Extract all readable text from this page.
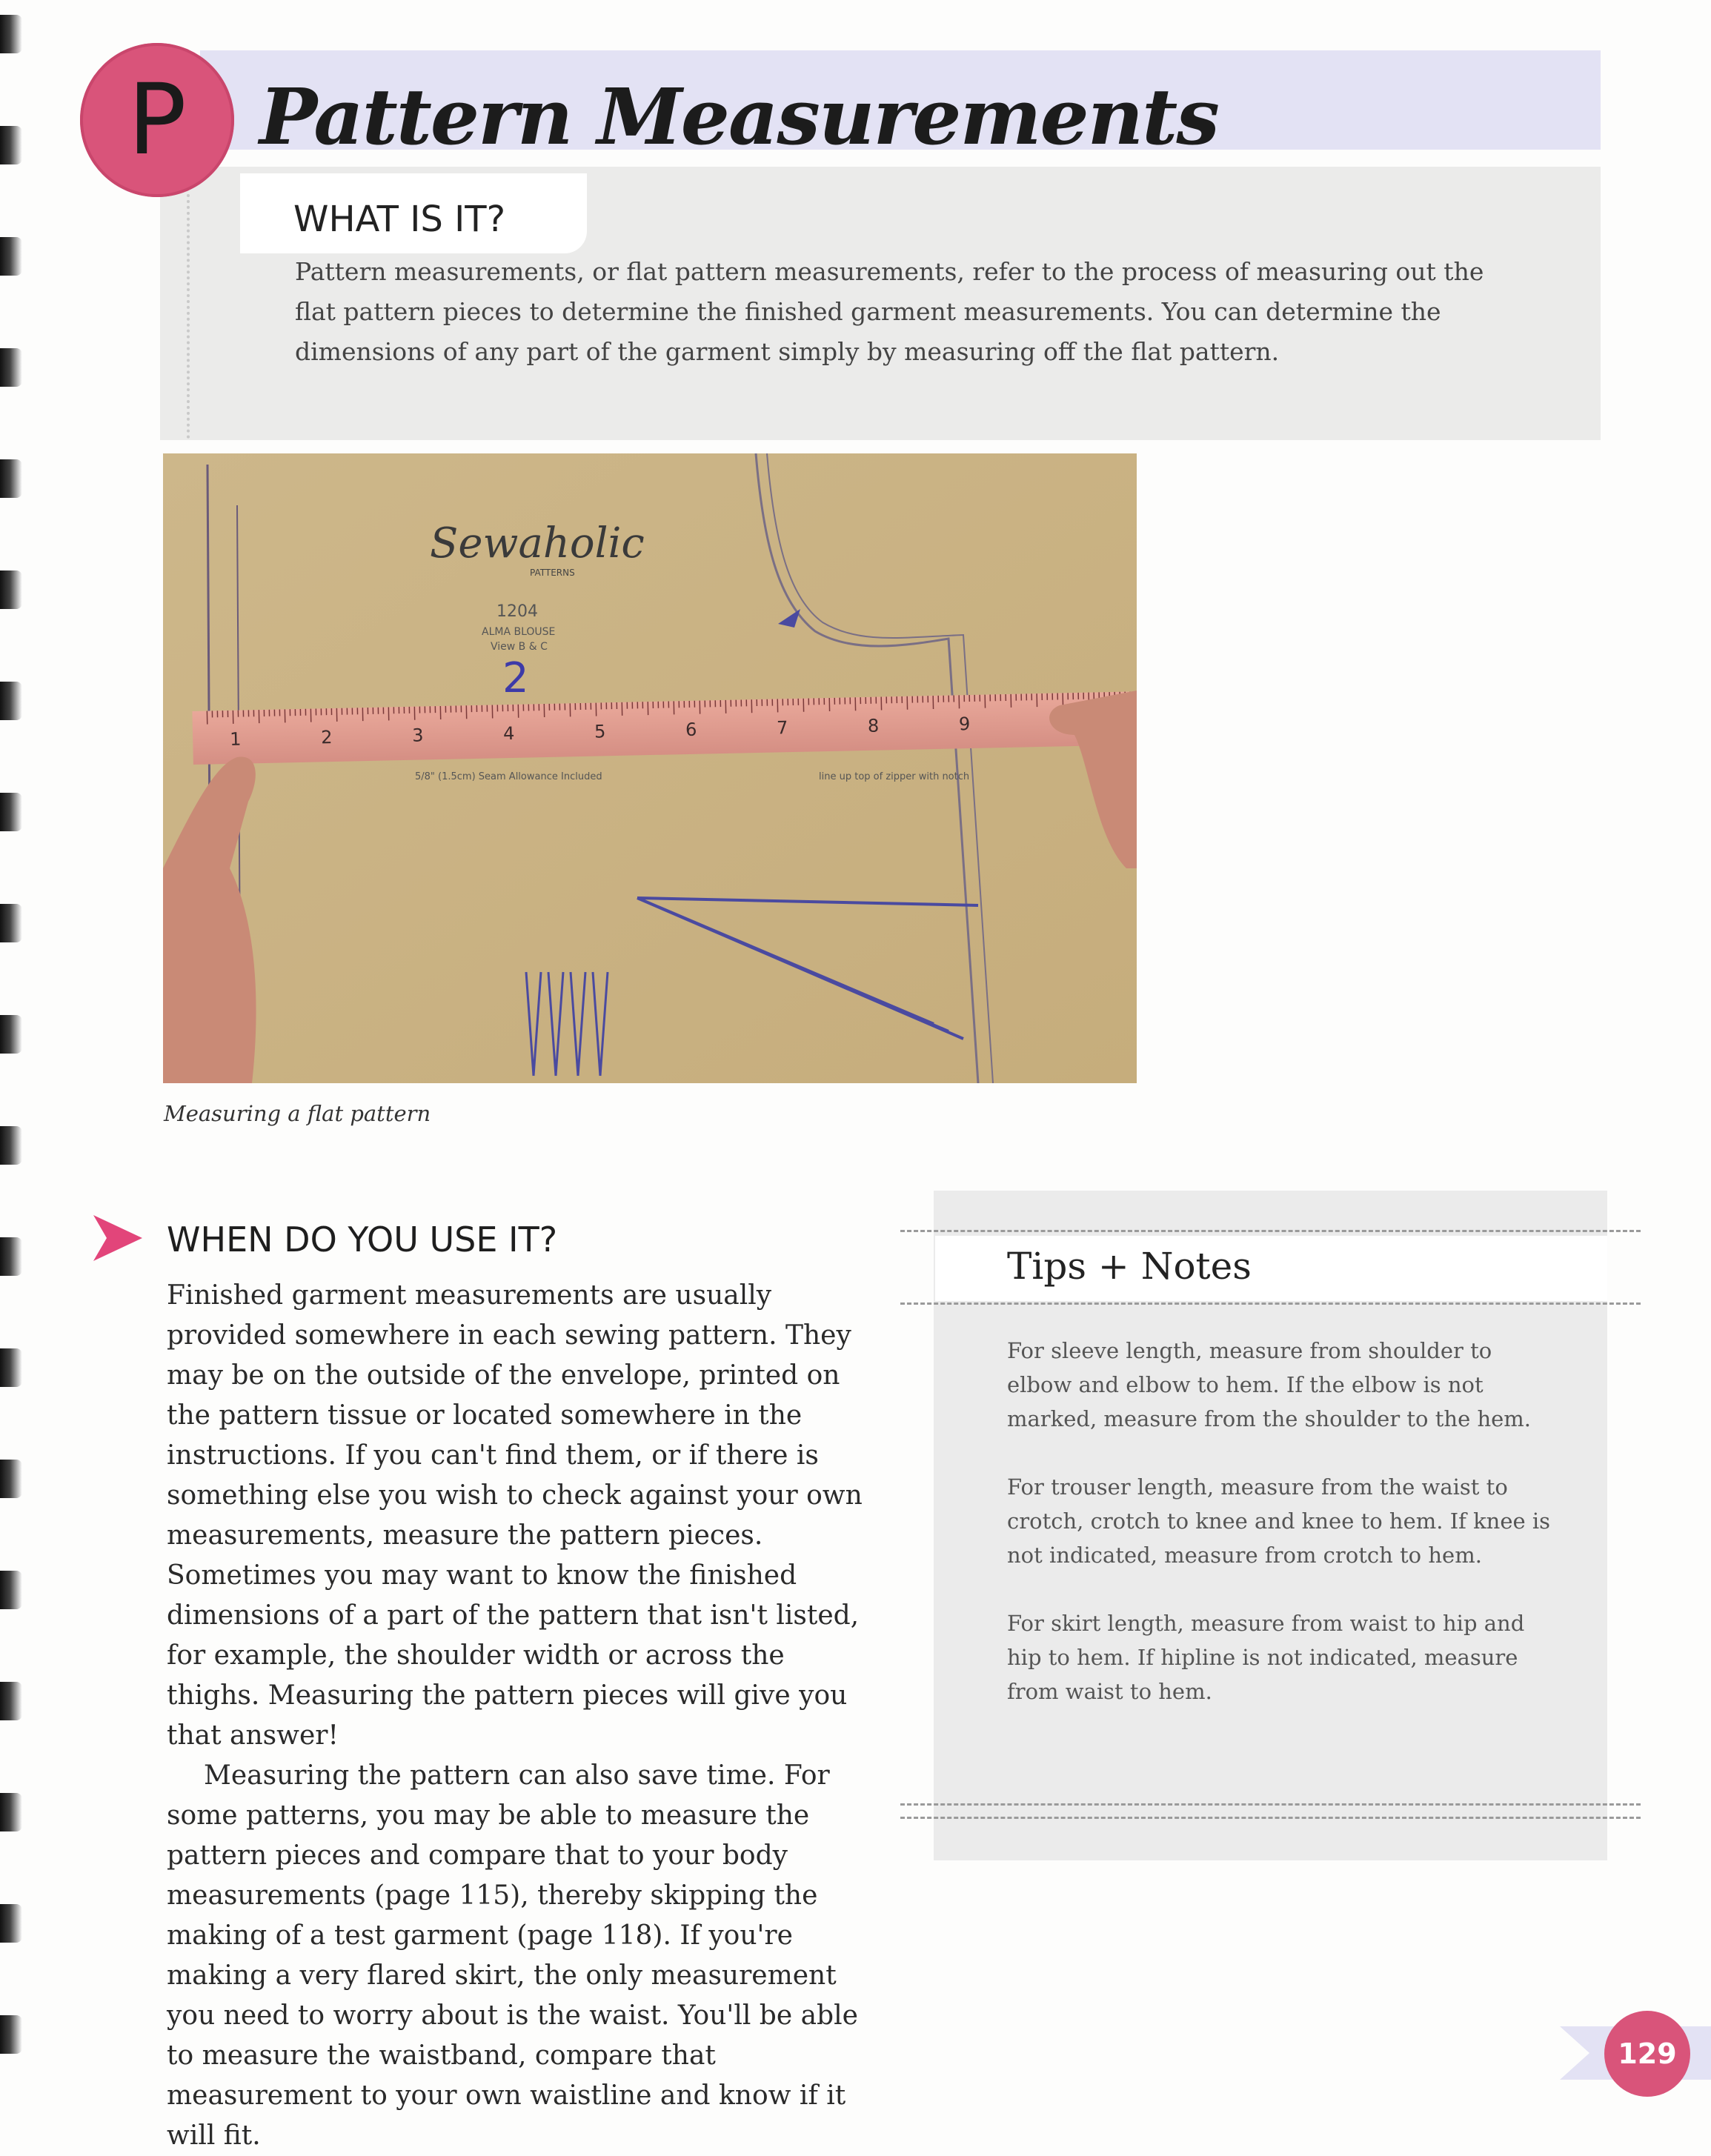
P Pattern Measurements
WHAT IS IT?
Pattern measurements, or flat pattern measurements, refer to the process of measuring out the flat pattern pieces to determine the finished garment measurements. You can determine the dimensions of any part of the garment simply by measuring off the flat pattern.
Sewaholic
PATTERNS
1204
ALMA BLOUSE
View B & C
2
1	2	3	4	5	6	7	8	9
5/8" (1.5cm) Seam Allowance Included	line up top of zipper with notch
Measuring a flat pattern
WHEN DO YOU USE IT?

Finished garment measurements are usually provided somewhere in each sewing pattern. They may be on the outside of the envelope, printed on the pattern tissue or located somewhere in the instructions. If you can't find them, or if there is something else you wish to check against your own measurements, measure the pattern pieces. Sometimes you may want to know the finished dimensions of a part of the pattern that isn't listed, for example, the shoulder width or across the thighs. Measuring the pattern pieces will give you that answer!

Measuring the pattern can also save time. For some patterns, you may be able to measure the pattern pieces and compare that to your body measurements (page 115), thereby skipping the making of a test garment (page 118). If you're making a very flared skirt, the only measurement you need to worry about is the waist. You'll be able to measure the waistband, compare that measurement to your own waistline and know if it will fit.

Tips + Notes

For sleeve length, measure from shoulder to elbow and elbow to hem. If the elbow is not marked, measure from the shoulder to the hem.

For trouser length, measure from the waist to crotch, crotch to knee and knee to hem. If knee is not indicated, measure from crotch to hem.

For skirt length, measure from waist to hip and hip to hem. If hipline is not indicated, measure from waist to hem.

129
